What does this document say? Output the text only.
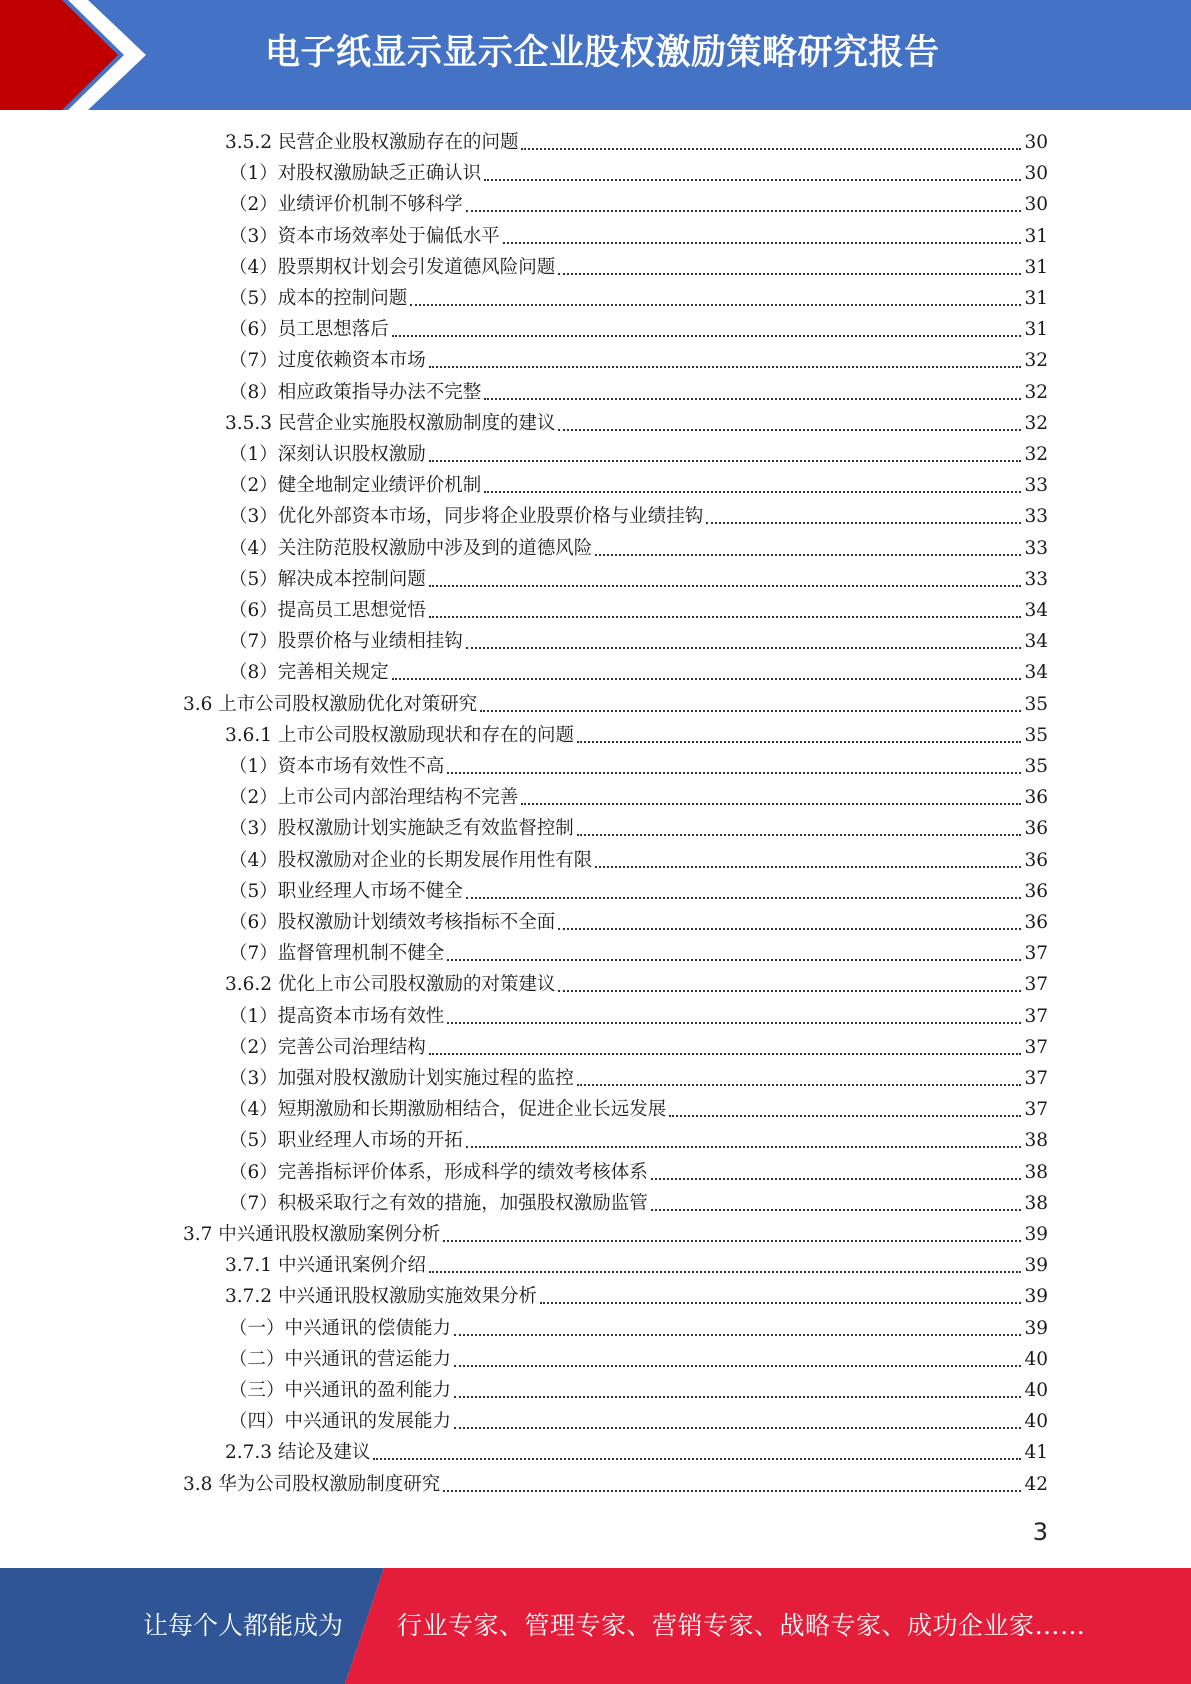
电子纸显示显示企业股权激励策略研究报告
3.5.2 民营企业股权激励存在的问题	30
（1）对股权激励缺乏正确认识	30
（2）业绩评价机制不够科学	30
（3）资本市场效率处于偏低水平	31
（4）股票期权计划会引发道德风险问题	31
（5）成本的控制问题	31
（6）员工思想落后	31
（7）过度依赖资本市场	32
（8）相应政策指导办法不完整	32
3.5.3 民营企业实施股权激励制度的建议	32
（1）深刻认识股权激励	32
（2）健全地制定业绩评价机制	33
（3）优化外部资本市场，同步将企业股票价格与业绩挂钩	33
（4）关注防范股权激励中涉及到的道德风险	33
（5）解决成本控制问题	33
（6）提高员工思想觉悟	34
（7）股票价格与业绩相挂钩	34
（8）完善相关规定	34
3.6 上市公司股权激励优化对策研究	35
3.6.1 上市公司股权激励现状和存在的问题	35
（1）资本市场有效性不高	35
（2）上市公司内部治理结构不完善	36
（3）股权激励计划实施缺乏有效监督控制	36
（4）股权激励对企业的长期发展作用性有限	36
（5）职业经理人市场不健全	36
（6）股权激励计划绩效考核指标不全面	36
（7）监督管理机制不健全	37
3.6.2 优化上市公司股权激励的对策建议	37
（1）提高资本市场有效性	37
（2）完善公司治理结构	37
（3）加强对股权激励计划实施过程的监控	37
（4）短期激励和长期激励相结合，促进企业长远发展	37
（5）职业经理人市场的开拓	38
（6）完善指标评价体系，形成科学的绩效考核体系	38
（7）积极采取行之有效的措施，加强股权激励监管	38
3.7 中兴通讯股权激励案例分析	39
3.7.1 中兴通讯案例介绍	39
3.7.2 中兴通讯股权激励实施效果分析	39
（一）中兴通讯的偿债能力	39
（二）中兴通讯的营运能力	40
（三）中兴通讯的盈利能力	40
（四）中兴通讯的发展能力	40
2.7.3 结论及建议	41
3.8 华为公司股权激励制度研究	42
3
让每个人都能成为 行业专家、管理专家、营销专家、战略专家、成功企业家……
